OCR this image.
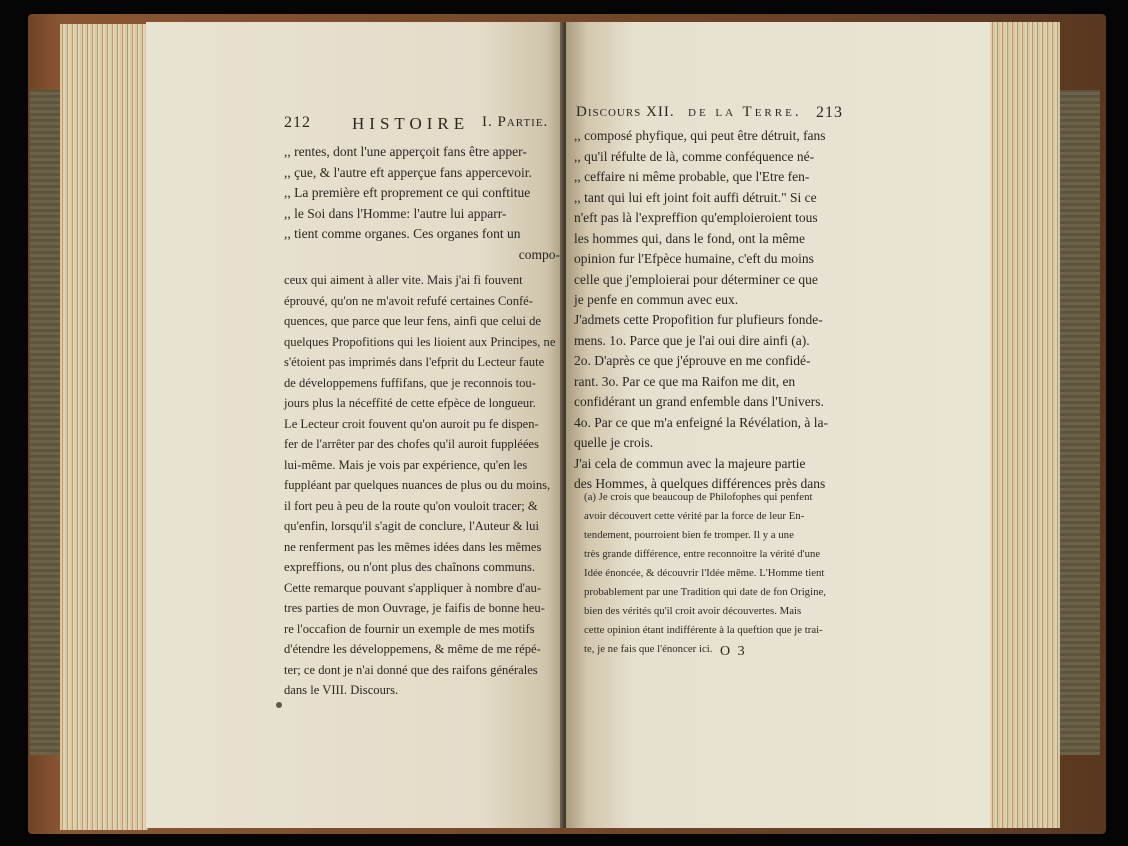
212 HISTOIRE I. Partie.

,, rentes, dont l'une apperçoit fans être apper-

,, çue, & l'autre eft apperçue fans appercevoir.

,, La première eft proprement ce qui conftitue

,, le Soi dans l'Homme: l'autre lui apparr-

,, tient comme organes. Ces organes font un

compo-

ceux qui aiment à aller vite. Mais j'ai fi fouvent

éprouvé, qu'on ne m'avoit refufé certaines Confé-

quences, que parce que leur fens, ainfi que celui de

quelques Propofitions qui les lioient aux Principes, ne

s'étoient pas imprimés dans l'efprit du Lecteur faute

de développemens fuffifans, que je reconnois tou-

jours plus la néceffité de cette efpèce de longueur.

Le Lecteur croit fouvent qu'on auroit pu fe dispen-

fer de l'arrêter par des chofes qu'il auroit fuppléées

lui-même. Mais je vois par expérience, qu'en les

fuppléant par quelques nuances de plus ou du moins,

il fort peu à peu de la route qu'on vouloit tracer; &

qu'enfin, lorsqu'il s'agit de conclure, l'Auteur & lui

ne renferment pas les mêmes idées dans les mêmes

expreffions, ou n'ont plus des chaînons communs.

Cette remarque pouvant s'appliquer à nombre d'au-

tres parties de mon Ouvrage, je faifis de bonne heu-

re l'occafion de fournir un exemple de mes motifs

d'étendre les développemens, & même de me répé-

ter; ce dont je n'ai donné que des raifons générales

dans le VIII. Discours.

Discours XII. de la Terre. 213

,, composé phyfique, qui peut être détruit, fans

,, qu'il réfulte de là, comme conféquence né-

,, ceffaire ni même probable, que l'Etre fen-

,, tant qui lui eft joint foit auffi détruit." Si ce

n'eft pas là l'expreffion qu'emploieroient tous

les hommes qui, dans le fond, ont la même

opinion fur l'Efpèce humaine, c'eft du moins

celle que j'emploierai pour déterminer ce que

je penfe en commun avec eux.

J'admets cette Propofition fur plufieurs fonde-

mens. 1o. Parce que je l'ai oui dire ainfi (a).

2o. D'après ce que j'éprouve en me confidé-

rant. 3o. Par ce que ma Raifon me dit, en

confidérant un grand enfemble dans l'Univers.

4o. Par ce que m'a enfeigné la Révélation, à la-

quelle je crois.

J'ai cela de commun avec la majeure partie

des Hommes, à quelques différences près dans

(a) Je crois que beaucoup de Philofophes qui penfent

avoir découvert cette vérité par la force de leur En-

tendement, pourroient bien fe tromper. Il y a une

très grande différence, entre reconnoitre la vérité d'une

Idée énoncée, & découvrir l'Idée même. L'Homme tient

probablement par une Tradition qui date de fon Origine,

bien des vérités qu'il croit avoir découvertes. Mais

cette opinion étant indifférente à la queftion que je trai-

te, je ne fais que l'énoncer ici. O 3
